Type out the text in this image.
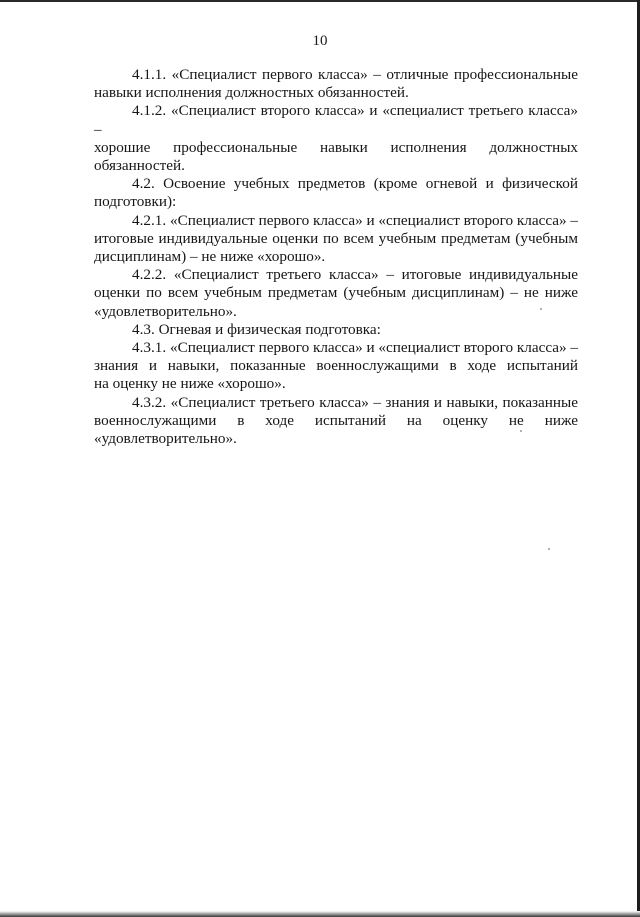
10
4.1.1. «Специалист первого класса» – отличные профессиональные
навыки исполнения должностных обязанностей.
4.1.2. «Специалист второго класса» и «специалист третьего класса» –
хорошие профессиональные навыки исполнения должностных
обязанностей.
4.2. Освоение учебных предметов (кроме огневой и физической
подготовки):
4.2.1. «Специалист первого класса» и «специалист второго класса» –
итоговые индивидуальные оценки по всем учебным предметам (учебным
дисциплинам) – не ниже «хорошо».
4.2.2. «Специалист третьего класса» – итоговые индивидуальные
оценки по всем учебным предметам (учебным дисциплинам) – не ниже
«удовлетворительно».
4.3. Огневая и физическая подготовка:
4.3.1. «Специалист первого класса» и «специалист второго класса» –
знания и навыки, показанные военнослужащими в ходе испытаний
на оценку не ниже «хорошо».
4.3.2. «Специалист третьего класса» – знания и навыки, показанные
военнослужащими в ходе испытаний на оценку не ниже
«удовлетворительно».
